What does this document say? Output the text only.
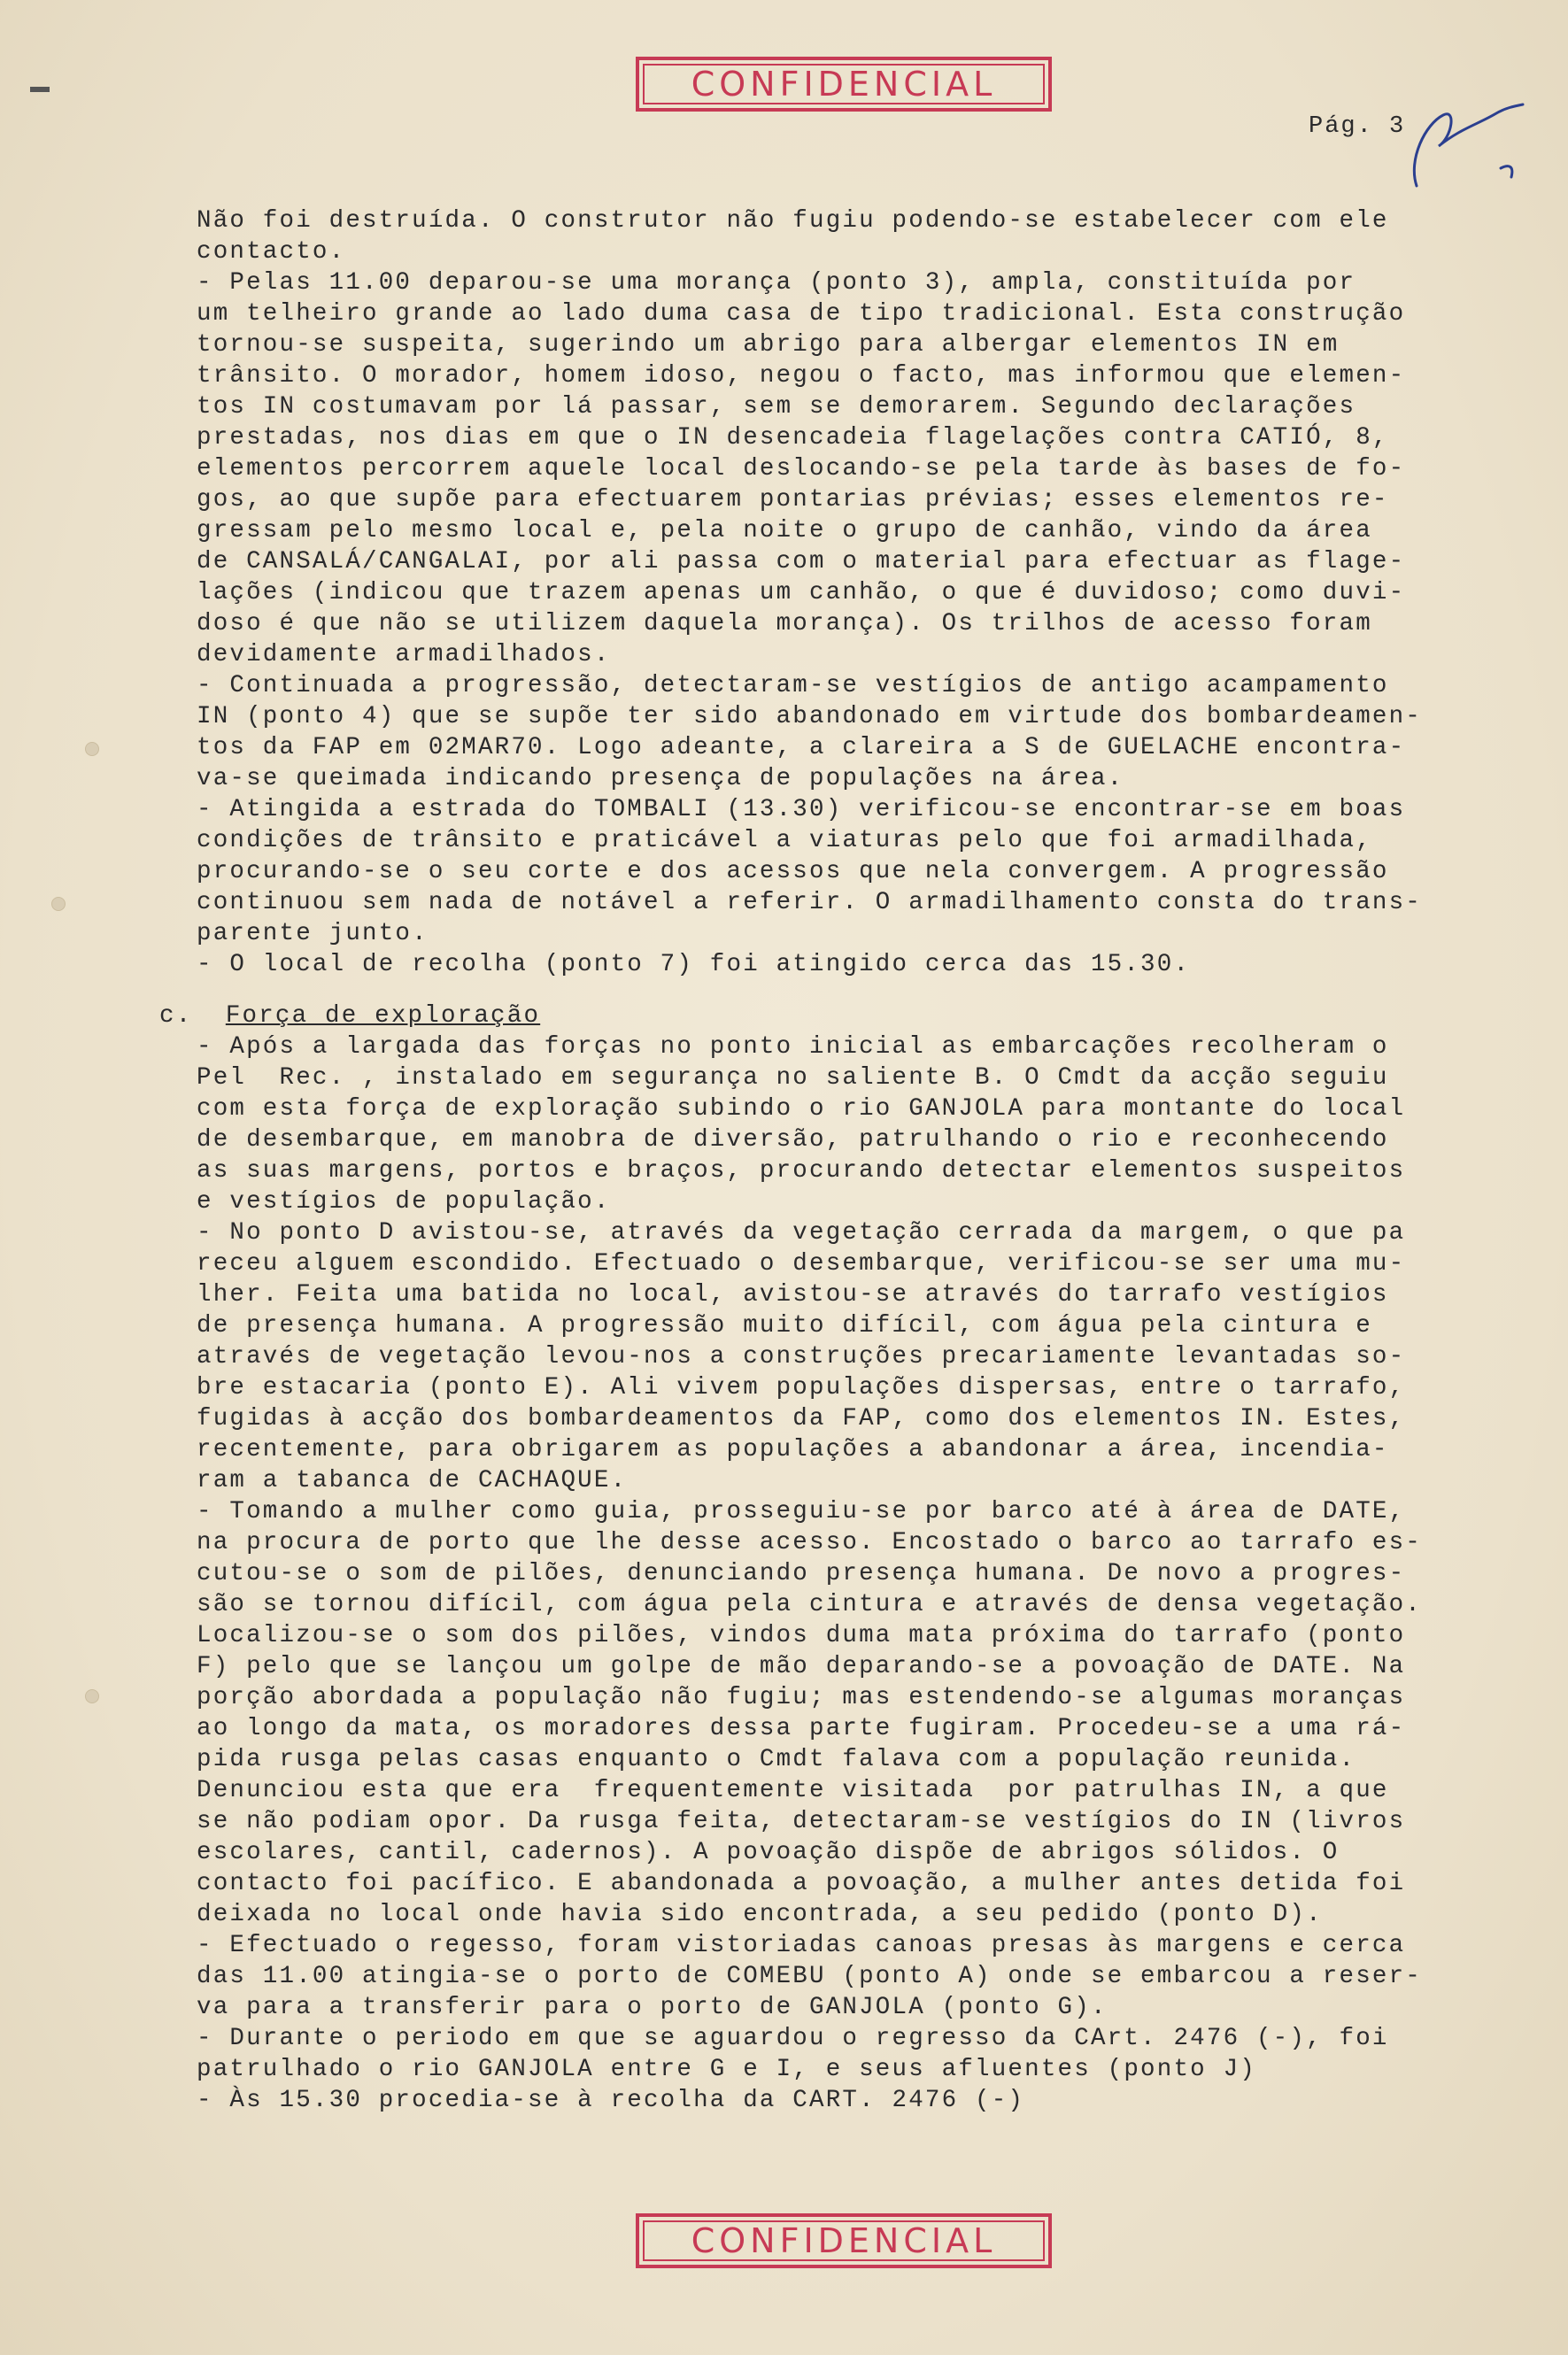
CONFIDENCIAL
Pág. 3
Não foi destruída. O construtor não fugiu podendo-se estabelecer com ele
contacto.
- Pelas 11.00 deparou-se uma morança (ponto 3), ampla, constituída por
um telheiro grande ao lado duma casa de tipo tradicional. Esta construção
tornou-se suspeita, sugerindo um abrigo para albergar elementos IN em
trânsito. O morador, homem idoso, negou o facto, mas informou que elemen-
tos IN costumavam por lá passar, sem se demorarem. Segundo declarações
prestadas, nos dias em que o IN desencadeia flagelações contra CATIÓ, 8,
elementos percorrem aquele local deslocando-se pela tarde às bases de fo-
gos, ao que supõe para efectuarem pontarias prévias; esses elementos re-
gressam pelo mesmo local e, pela noite o grupo de canhão, vindo da área
de CANSALÁ/CANGALAI, por ali passa com o material para efectuar as flage-
lações (indicou que trazem apenas um canhão, o que é duvidoso; como duvi-
doso é que não se utilizem daquela morança). Os trilhos de acesso foram
devidamente armadilhados.
- Continuada a progressão, detectaram-se vestígios de antigo acampamento
IN (ponto 4) que se supõe ter sido abandonado em virtude dos bombardeamen-
tos da FAP em 02MAR70. Logo adeante, a clareira a S de GUELACHE encontra-
va-se queimada indicando presença de populações na área.
- Atingida a estrada do TOMBALI (13.30) verificou-se encontrar-se em boas
condições de trânsito e praticável a viaturas pelo que foi armadilhada,
procurando-se o seu corte e dos acessos que nela convergem. A progressão
continuou sem nada de notável a referir. O armadilhamento consta do trans-
parente junto.
- O local de recolha (ponto 7) foi atingido cerca das 15.30.
c. Força de exploração
- Após a largada das forças no ponto inicial as embarcações recolheram o
Pel  Rec. , instalado em segurança no saliente B. O Cmdt da acção seguiu
com esta força de exploração subindo o rio GANJOLA para montante do local
de desembarque, em manobra de diversão, patrulhando o rio e reconhecendo
as suas margens, portos e braços, procurando detectar elementos suspeitos
e vestígios de população.
- No ponto D avistou-se, através da vegetação cerrada da margem, o que pa
receu alguem escondido. Efectuado o desembarque, verificou-se ser uma mu-
lher. Feita uma batida no local, avistou-se através do tarrafo vestígios
de presença humana. A progressão muito difícil, com água pela cintura e
através de vegetação levou-nos a construções precariamente levantadas so-
bre estacaria (ponto E). Ali vivem populações dispersas, entre o tarrafo,
fugidas à acção dos bombardeamentos da FAP, como dos elementos IN. Estes,
recentemente, para obrigarem as populações a abandonar a área, incendia-
ram a tabanca de CACHAQUE.
- Tomando a mulher como guia, prosseguiu-se por barco até à área de DATE,
na procura de porto que lhe desse acesso. Encostado o barco ao tarrafo es-
cutou-se o som de pilões, denunciando presença humana. De novo a progres-
são se tornou difícil, com água pela cintura e através de densa vegetação.
Localizou-se o som dos pilões, vindos duma mata próxima do tarrafo (ponto
F) pelo que se lançou um golpe de mão deparando-se a povoação de DATE. Na
porção abordada a população não fugiu; mas estendendo-se algumas moranças
ao longo da mata, os moradores dessa parte fugiram. Procedeu-se a uma rá-
pida rusga pelas casas enquanto o Cmdt falava com a população reunida.
Denunciou esta que era  frequentemente visitada  por patrulhas IN, a que
se não podiam opor. Da rusga feita, detectaram-se vestígios do IN (livros
escolares, cantil, cadernos). A povoação dispõe de abrigos sólidos. O
contacto foi pacífico. E abandonada a povoação, a mulher antes detida foi
deixada no local onde havia sido encontrada, a seu pedido (ponto D).
- Efectuado o regesso, foram vistoriadas canoas presas às margens e cerca
das 11.00 atingia-se o porto de COMEBU (ponto A) onde se embarcou a reser-
va para a transferir para o porto de GANJOLA (ponto G).
- Durante o periodo em que se aguardou o regresso da CArt. 2476 (-), foi
patrulhado o rio GANJOLA entre G e I, e seus afluentes (ponto J)
- Às 15.30 procedia-se à recolha da CART. 2476 (-)
CONFIDENCIAL
